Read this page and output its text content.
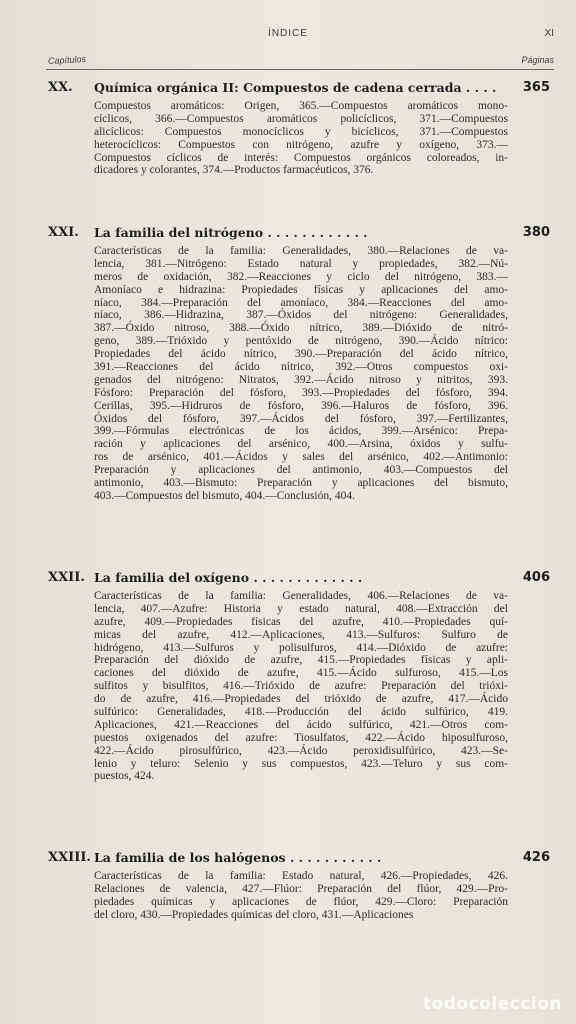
ÍNDICE	XI
Capítulos	Páginas
XX. Química orgánica II: Compuestos de cadena cerrada . . . . 365
Compuestos aromáticos: Origen, 365.—Compuestos aromáticos mono-
cíclicos, 366.—Compuestos aromáticos policíclicos, 371.—Compuestos
alicíclicos: Compuestos monocíclicos y bicíclicos, 371.—Compuestos
heterocíclicos: Compuestos con nitrógeno, azufre y oxígeno, 373.—
Compuestos cíclicos de interés: Compuestos orgánicos coloreados, in-
dicadores y colorantes, 374.—Productos farmacéuticos, 376.
XXI. La familia del nitrógeno . . . . . . . . . . . .	380
Características de la familia: Generalidades, 380.—Relaciones de va-
lencia, 381.—Nitrógeno: Estado natural y propiedades, 382.—Nú-
meros de oxidación, 382.—Reacciones y ciclo del nitrógeno, 383.—
Amoníaco e hidrazina: Propiedades físicas y aplicaciones del amo-
níaco, 384.—Preparación del amoníaco, 384.—Reacciones del amo-
níaco, 386.—Hidrazina, 387.—Óxidos del nitrógeno: Generalidades,
387.—Óxido nitroso, 388.—Óxido nítrico, 389.—Dióxido de nitró-
geno, 389.—Trióxido y pentóxido de nitrógeno, 390.—Ácido nítrico:
Propiedades del ácido nítrico, 390.—Preparación del ácido nítrico,
391.—Reacciones del ácido nítrico, 392.—Otros compuestos oxi-
genados del nitrógeno: Nitratos, 392.—Ácido nitroso y nitritos, 393.
Fósforo: Preparación del fósforo, 393.—Propiedades del fósforo, 394.
Cerillas, 395.—Hidruros de fósforo, 396.—Haluros de fósforo, 396.
Óxidos del fósforo, 397.—Ácidos del fósforo, 397.—Fertilizantes,
399.—Fórmulas electrónicas de los ácidos, 399.—Arsénico: Prepa-
ración y aplicaciones del arsénico, 400.—Arsina, óxidos y sulfu-
ros de arsénico, 401.—Ácidos y sales del arsénico, 402.—Antimonio:
Preparación y aplicaciones del antimonio, 403.—Compuestos del
antimonio, 403.—Bismuto: Preparación y aplicaciones del bismuto,
403.—Compuestos del bismuto, 404.—Conclusión, 404.
XXII. La familia del oxígeno . . . . . . . . . . . . .	406
Características de la familia: Generalidades, 406.—Relaciones de va-
lencia, 407.—Azufre: Historia y estado natural, 408.—Extracción del
azufre, 409.—Propiedades físicas del azufre, 410.—Propiedades quí-
micas del azufre, 412.—Aplicaciones, 413.—Sulfuros: Sulfuro de
hidrógeno, 413.—Sulfuros y polisulfuros, 414.—Dióxido de azufre:
Preparación del dióxido de azufre, 415.—Propiedades físicas y apli-
caciones del dióxido de azufre, 415.—Ácido sulfuroso, 415.—Los
sulfitos y bisulfitos, 416.—Trióxido de azufre: Preparación del trióxi-
do de azufre, 416.—Propiedades del trióxido de azufre, 417.—Ácido
sulfúrico: Generalidades, 418.—Producción del ácido sulfúrico, 419.
Aplicaciones, 421.—Reacciones del ácido sulfúrico, 421.—Otros com-
puestos oxigenados del azufre: Tiosulfatos, 422.—Ácido hiposulfuroso,
422.—Ácido pirosulfúrico, 423.—Ácido peroxidisulfúrico, 423.—Se-
lenio y teluro: Selenio y sus compuestos, 423.—Teluro y sus com-
puestos, 424.
XXIII. La familia de los halógenos . . . . . . . . . . .	426
Características de la familia: Estado natural, 426.—Propiedades, 426.
Relaciones de valencia, 427.—Flúor: Preparación del flúor, 429.—Pro-
piedades químicas y aplicaciones de flúor, 429.—Cloro: Preparación
del cloro, 430.—Propiedades químicas del cloro, 431.—Aplicaciones
todocoleccion
